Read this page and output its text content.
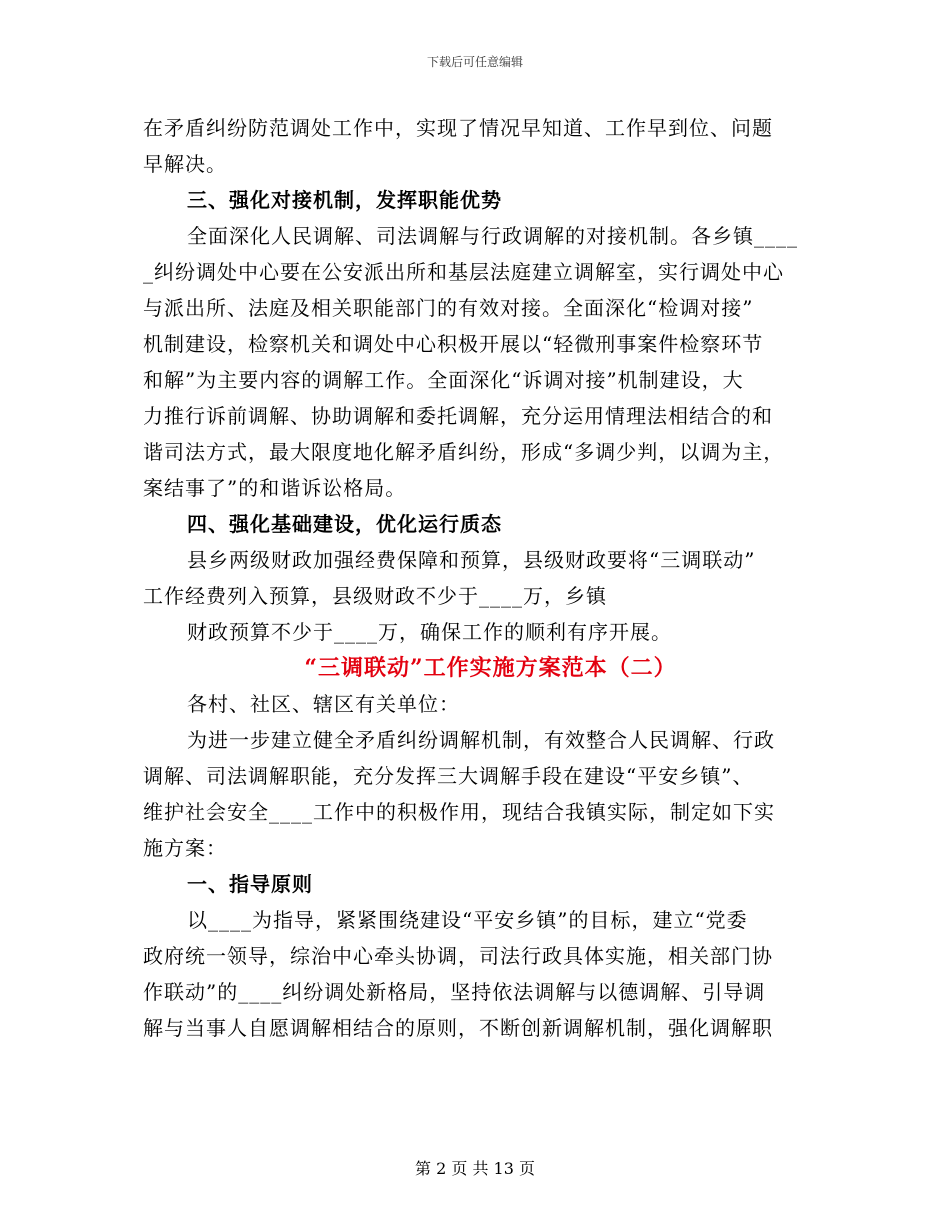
下载后可任意编辑
在矛盾纠纷防范调处工作中，实现了情况早知道、工作早到位、问题
早解决。
三、强化对接机制，发挥职能优势
全面深化人民调解、司法调解与行政调解的对接机制。各乡镇____
_纠纷调处中心要在公安派出所和基层法庭建立调解室，实行调处中心
与派出所、法庭及相关职能部门的有效对接。全面深化“检调对接”
机制建设，检察机关和调处中心积极开展以“轻微刑事案件检察环节
和解”为主要内容的调解工作。全面深化“诉调对接”机制建设，大
力推行诉前调解、协助调解和委托调解，充分运用情理法相结合的和
谐司法方式，最大限度地化解矛盾纠纷，形成“多调少判，以调为主，
案结事了”的和谐诉讼格局。
四、强化基础建设，优化运行质态
县乡两级财政加强经费保障和预算，县级财政要将“三调联动”
工作经费列入预算，县级财政不少于____万，乡镇
财政预算不少于____万，确保工作的顺利有序开展。
“三调联动”工作实施方案范本（二）
各村、社区、辖区有关单位：
为进一步建立健全矛盾纠纷调解机制，有效整合人民调解、行政
调解、司法调解职能，充分发挥三大调解手段在建设“平安乡镇”、
维护社会安全____工作中的积极作用，现结合我镇实际，制定如下实
施方案：
一、指导原则
以____为指导，紧紧围绕建设“平安乡镇”的目标，建立“党委
政府统一领导，综治中心牵头协调，司法行政具体实施，相关部门协
作联动”的____纠纷调处新格局，坚持依法调解与以德调解、引导调
解与当事人自愿调解相结合的原则，不断创新调解机制，强化调解职
第 2 页 共 13 页
